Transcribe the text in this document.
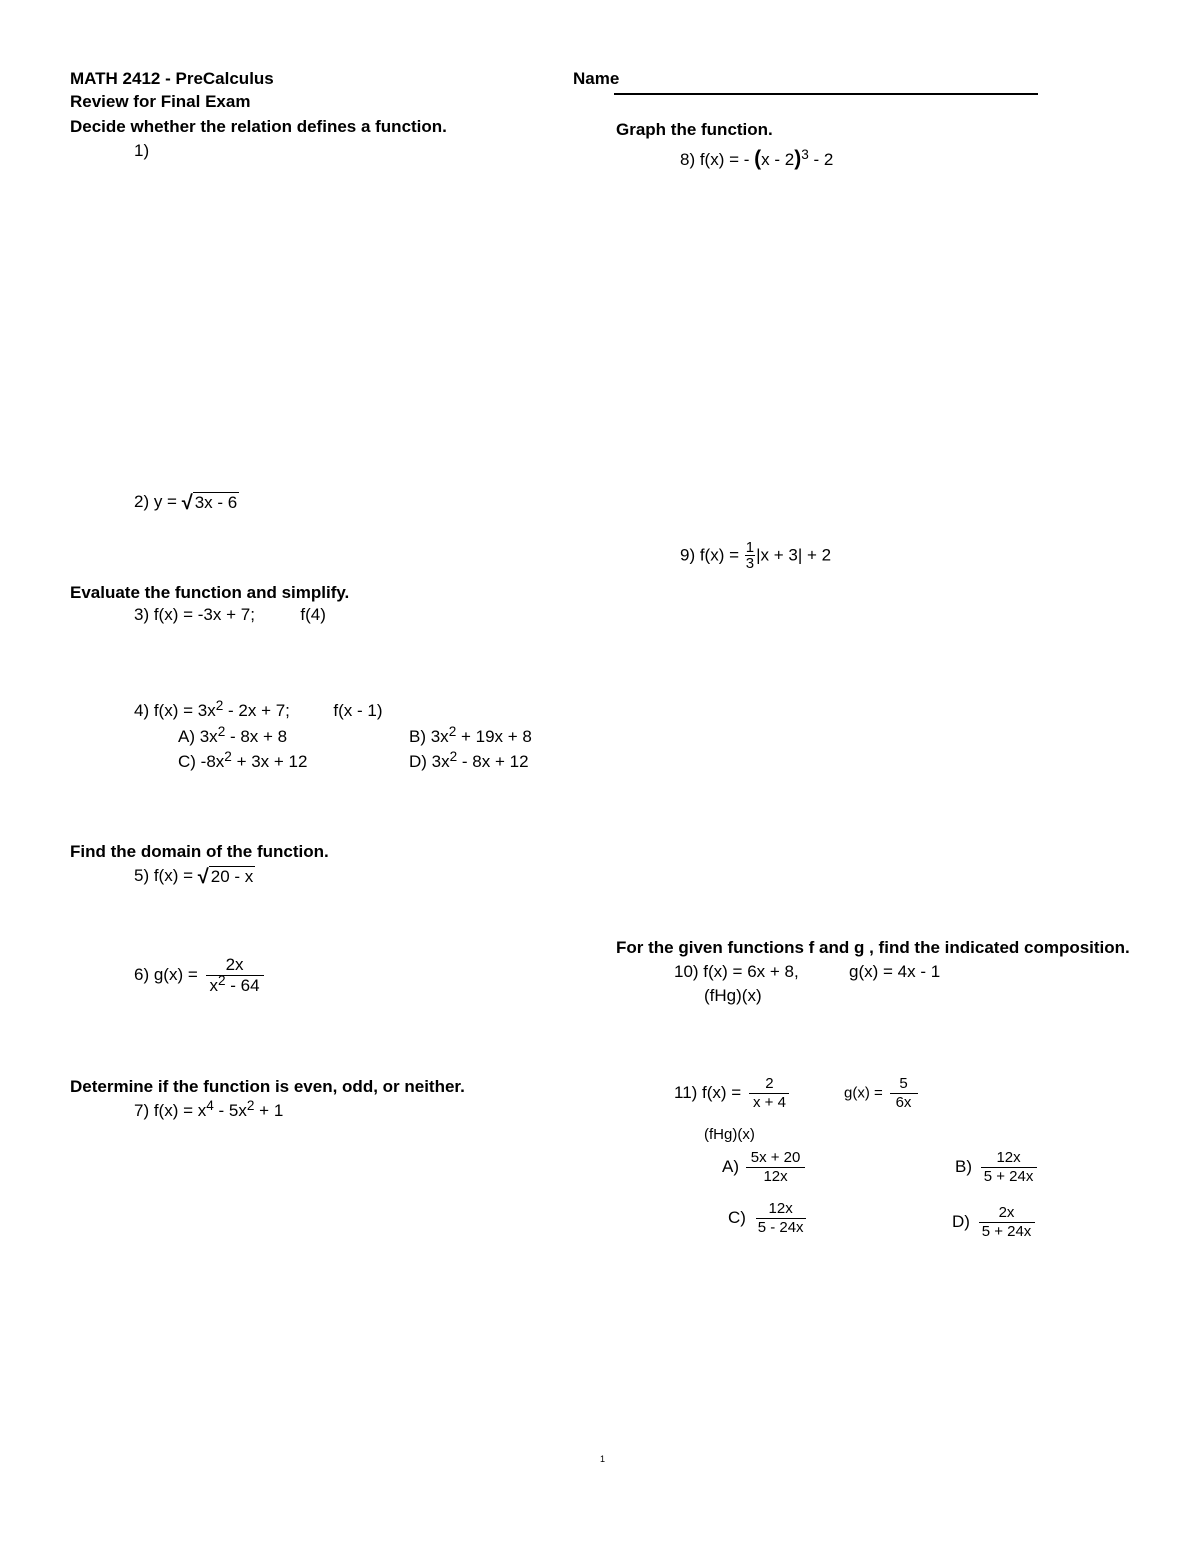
MATH 2412 - PreCalculus
Review for Final Exam
Name
Decide whether the relation defines a function.
1)
2) y = √ 3x - 6
Evaluate the function and simplify.
3) f(x) = -3x + 7;	f(4)
4) $f(x) = 3x^2 - 2x + 7$;	f(x - 1)
A) $3x^2 - 8x + 8$	B) $3x^2 + 19x + 8$
C) $-8x^2 + 3x + 12$	D) $3x^2 - 8x + 12$
Find the domain of the function.
5) f(x) = √ 20 - x
6) $g(x) = \frac{2x}{x^2 - 64}$
Determine if the function is even, odd, or neither.
7) $f(x) = x^4 - 5x^2 + 1$
Graph the function.
8) f(x) = - (x - 2)$^3$ - 2
9) $f(x) = \frac{1}{3} |x + 3| + 2$
For the given functions f and g , find the indicated composition.
10) f(x) = 6x + 8,	g(x) = 4x - 1
(fHg)(x)
11) $f(x) = \frac{2}{x + 4}$	$g(x) = \frac{5}{6x}$
(fHg)(x)
$A) \frac{5x + 20}{12x}$	$B) \frac{12x}{5 + 24x}$
$C) \frac{12x}{5 - 24x}$	$D) \frac{2x}{5 + 24x}$
1
